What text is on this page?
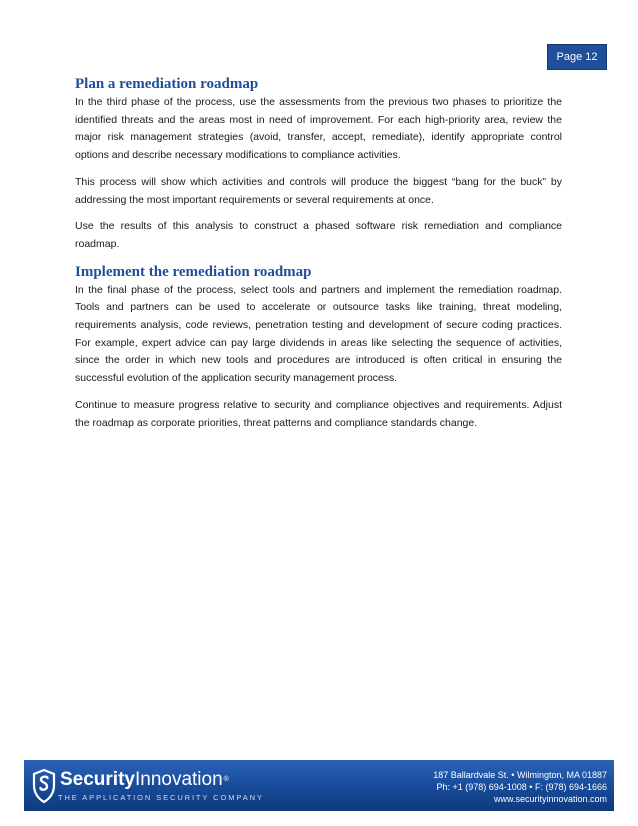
Page 12
Plan a remediation roadmap

In the third phase of the process, use the assessments from the previous two phases to prioritize the identified threats and the areas most in need of improvement. For each high-priority area, review the major risk management strategies (avoid, transfer, accept, remediate), identify appropriate control options and describe necessary modifications to compliance activities.

This process will show which activities and controls will produce the biggest “bang for the buck” by addressing the most important requirements or several requirements at once.

Use the results of this analysis to construct a phased software risk remediation and compliance roadmap.

Implement the remediation roadmap

In the final phase of the process, select tools and partners and implement the remediation roadmap. Tools and partners can be used to accelerate or outsource tasks like training, threat modeling, requirements analysis, code reviews, penetration testing and development of secure coding practices. For example, expert advice can pay large dividends in areas like selecting the sequence of activities, since the order in which new tools and procedures are introduced is often critical in ensuring the successful evolution of the application security management process.

Continue to measure progress relative to security and compliance objectives and requirements. Adjust the roadmap as corporate priorities, threat patterns and compliance standards change.

SecurityInnovation®
THE APPLICATION SECURITY COMPANY
187 Ballardvale St. • Wilmington, MA 01887
Ph: +1 (978) 694-1008 • F: (978) 694-1666
www.securityinnovation.com
